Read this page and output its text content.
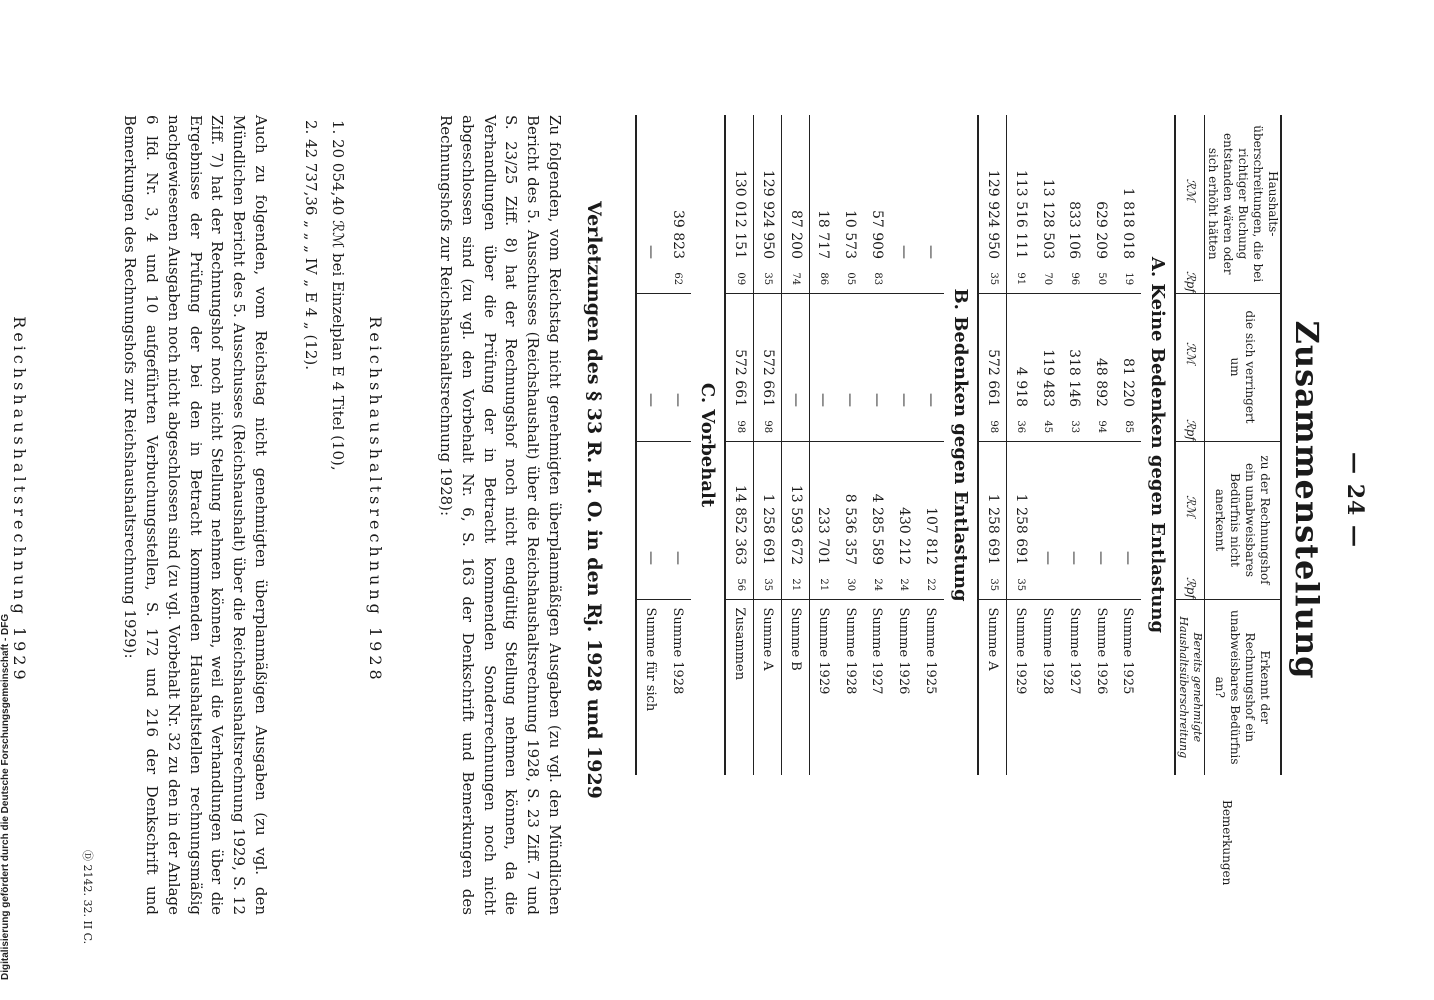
— 24 —
Zusammenstellung
Haushalts-überschreitungen, die bei richtiger Buchung entstanden wären oder sich erhöht hätten		die sich verringert um		zu der Rechnungshof ein unabweisbares Bedürfnis nicht anerkennt		Erkennt der Rechnungshof ein unabweisbares Bedürfnis an?
ℛℳ	ℛpf	ℛℳ	ℛpf	ℛℳ	ℛpf	Bereits genehmigte Haushaltsüberschreitung
A. Keine Bedenken gegen Entlastung						
1 818 018	19	81 220	85	—		Summe 1925
629 209	50	48 892	94	—		Summe 1926
833 106	96	318 146	33	—		Summe 1927
13 128 503	70	119 483	45	—		Summe 1928
113 516 111	91	4 918	36	1 258 691	35	Summe 1929
129 924 950	35	572 661	98	1 258 691	35	Summe A
B. Bedenken gegen Entlastung						
—		—		107 812	22	Summe 1925
—		—		430 212	24	Summe 1926
57 909	83	—		4 285 589	24	Summe 1927
10 573	05	—		8 536 357	30	Summe 1928
18 717	86	—		233 701	21	Summe 1929
87 200	74	—		13 593 672	21	Summe B
129 924 950	35	572 661	98	1 258 691	35	Summe A
130 012 151	09	572 661	98	14 852 363	56	Zusammen
C. Vorbehalt						
39 823	62	—		—		Summe 1928
—		—		—		Summe für sich
Bemerkungen
Verletzungen des § 33 R. H. O. in den Rj. 1928 und 1929
Zu folgenden, vom Reichstag nicht genehmigten überplanmäßigen Ausgaben (zu vgl. den Mündlichen Bericht des 5. Ausschusses (Reichshaushalt) über die Reichshaushaltsrechnung 1928, S. 23 Ziff. 7 und S. 23/25 Ziff. 8) hat der Rechnungshof noch nicht endgültig Stellung nehmen können, da die Verhandlungen über die Prüfung der in Betracht kommenden Sonderrechnungen noch nicht abgeschlossen sind (zu vgl. den Vorbehalt Nr. 6, S. 163 der Denkschrift und Bemerkungen des Rechnungshofs zur Reichshaushaltsrechnung 1928):
Reichshaushaltsrechnung 1928
1. 20 054,40 ℛℳ bei Einzelplan E 4 Titel (10),
2. 42 737,36 „ „ „ IV „ E 4 „ (12).
Auch zu folgenden, vom Reichstag nicht genehmigten überplanmäßigen Ausgaben (zu vgl. den Mündlichen Bericht des 5. Ausschusses (Reichshaushalt) über die Reichshaushaltsrechnung 1929, S. 12 Ziff. 7) hat der Rechnungshof noch nicht Stellung nehmen können, weil die Verhandlungen über die Ergebnisse der Prüfung der bei den in Betracht kommenden Haushaltstellen rechnungsmäßig nachgewiesenen Ausgaben noch nicht abgeschlossen sind (zu vgl. Vorbehalt Nr. 32 zu den in der Anlage 6 lfd. Nr. 3, 4 und 10 aufgeführten Verbuchungsstellen, S. 172 und 216 der Denkschrift und Bemerkungen des Rechnungshofs zur Reichshaushaltsrechnung 1929):
Reichshaushaltsrechnung 1929
Ⓓ 2142. 32. II C.
Digitalisierung gefördert durch die Deutsche Forschungsgemeinschaft - DFG
